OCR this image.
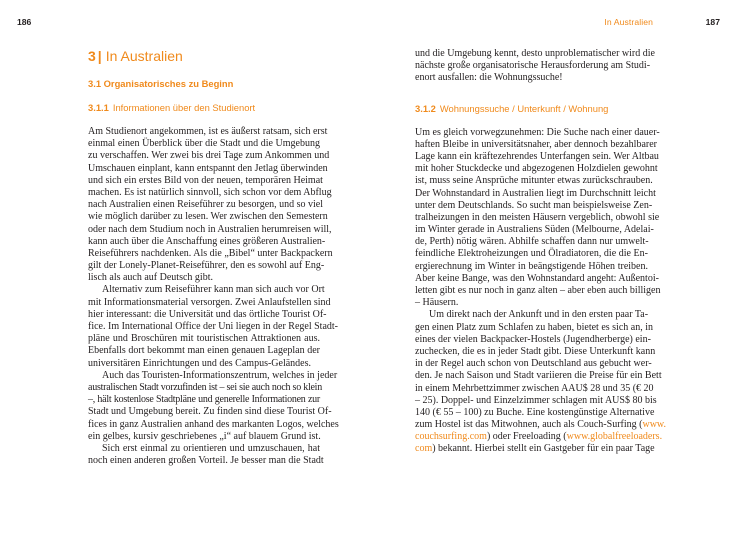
186	In Australien	187
3 | In Australien
3.1 Organisatorisches zu Beginn
3.1.1 Informationen über den Studienort
Am Studienort angekommen, ist es äußerst ratsam, sich erst
einmal einen Überblick über die Stadt und die Umgebung
zu verschaffen. Wer zwei bis drei Tage zum Ankommen und
Umschauen einplant, kann entspannt den Jetlag überwinden
und sich ein erstes Bild von der neuen, temporären Heimat
machen. Es ist natürlich sinnvoll, sich schon vor dem Abflug
nach Australien einen Reiseführer zu besorgen, und so viel
wie möglich darüber zu lesen. Wer zwischen den Semestern
oder nach dem Studium noch in Australien herumreisen will,
kann auch über die Anschaffung eines größeren Australien-
Reiseführers nachdenken. Als die „Bibel“ unter Backpackern
gilt der Lonely-Planet-Reiseführer, den es sowohl auf Eng-
lisch als auch auf Deutsch gibt.
Alternativ zum Reiseführer kann man sich auch vor Ort
mit Informationsmaterial versorgen. Zwei Anlaufstellen sind
hier interessant: die Universität und das örtliche Tourist Of-
fice. Im International Office der Uni liegen in der Regel Stadt-
pläne und Broschüren mit touristischen Attraktionen aus.
Ebenfalls dort bekommt man einen genauen Lageplan der
universitären Einrichtungen und des Campus-Geländes.
Auch das Touristen-Informationszentrum, welches in jeder
australischen Stadt vorzufinden ist – sei sie auch noch so klein
–, hält kostenlose Stadtpläne und generelle Informationen zur
Stadt und Umgebung bereit. Zu finden sind diese Tourist Of-
fices in ganz Australien anhand des markanten Logos, welches
ein gelbes, kursiv geschriebenes „i“ auf blauem Grund ist.
Sich erst einmal zu orientieren und umzuschauen, hat
noch einen anderen großen Vorteil. Je besser man die Stadt
und die Umgebung kennt, desto unproblematischer wird die
nächste große organisatorische Herausforderung am Studi-
enort ausfallen: die Wohnungssuche!
3.1.2 Wohnungssuche / Unterkunft / Wohnung
Um es gleich vorwegzunehmen: Die Suche nach einer dauer-
haften Bleibe in universitätsnaher, aber dennoch bezahlbarer
Lage kann ein kräftezehrendes Unterfangen sein. Wer Altbau
mit hoher Stuckdecke und abgezogenen Holzdielen gewohnt
ist, muss seine Ansprüche mitunter etwas zurückschrauben.
Der Wohnstandard in Australien liegt im Durchschnitt leicht
unter dem Deutschlands. So sucht man beispielsweise Zen-
tralheizungen in den meisten Häusern vergeblich, obwohl sie
im Winter gerade in Australiens Süden (Melbourne, Adelai-
de, Perth) nötig wären. Abhilfe schaffen dann nur umwelt-
feindliche Elektroheizungen und Ölradiatoren, die die En-
ergierechnung im Winter in beängstigende Höhen treiben.
Aber keine Bange, was den Wohnstandard angeht: Außentoi-
letten gibt es nur noch in ganz alten – aber eben auch billigen
– Häusern.
Um direkt nach der Ankunft und in den ersten paar Ta-
gen einen Platz zum Schlafen zu haben, bietet es sich an, in
eines der vielen Backpacker-Hostels (Jugendherberge) ein-
zuchecken, die es in jeder Stadt gibt. Diese Unterkunft kann
in der Regel auch schon von Deutschland aus gebucht wer-
den. Je nach Saison und Stadt variieren die Preise für ein Bett
in einem Mehrbettzimmer zwischen AAU$ 28 und 35 (€ 20
– 25). Doppel- und Einzelzimmer schlagen mit AUS$ 80 bis
140 (€ 55 – 100) zu Buche. Eine kostengünstige Alternative
zum Hostel ist das Mitwohnen, auch als Couch-Surfing (www.
couchsurfing.com) oder Freeloading (www.globalfreeloaders.
com) bekannt. Hierbei stellt ein Gastgeber für ein paar Tage
